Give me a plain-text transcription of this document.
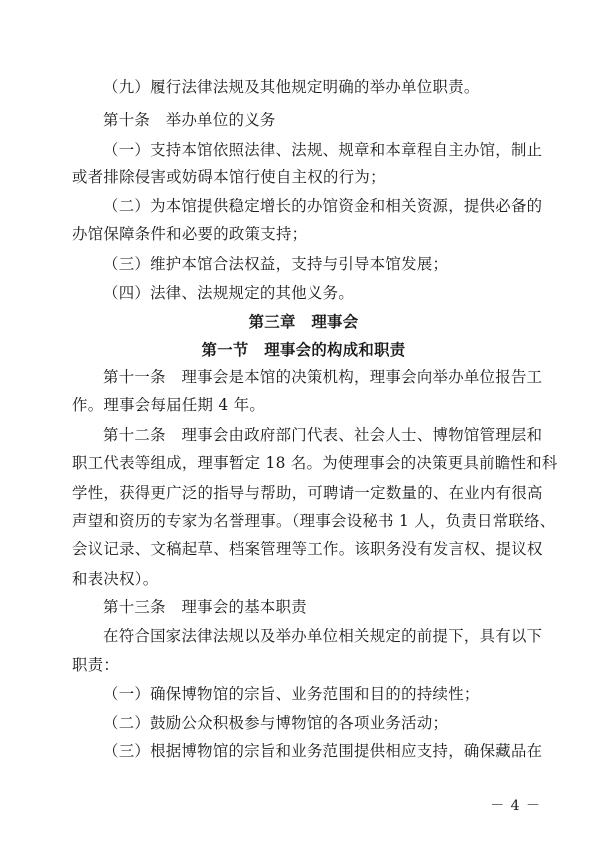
（九）履行法律法规及其他规定明确的举办单位职责。
第十条　举办单位的义务
（一）支持本馆依照法律、法规、规章和本章程自主办馆，制止
或者排除侵害或妨碍本馆行使自主权的行为；
（二）为本馆提供稳定增长的办馆资金和相关资源，提供必备的
办馆保障条件和必要的政策支持；
（三）维护本馆合法权益，支持与引导本馆发展；
（四）法律、法规规定的其他义务。
第三章　理事会
第一节　理事会的构成和职责
第十一条　理事会是本馆的决策机构，理事会向举办单位报告工
作。理事会每届任期 4 年。
第十二条　理事会由政府部门代表、社会人士、博物馆管理层和
职工代表等组成，理事暂定 18 名。为使理事会的决策更具前瞻性和科
学性，获得更广泛的指导与帮助，可聘请一定数量的、在业内有很高
声望和资历的专家为名誉理事。（理事会设秘书 1 人，负责日常联络、
会议记录、文稿起草、档案管理等工作。该职务没有发言权、提议权
和表决权）。
第十三条　理事会的基本职责
在符合国家法律法规以及举办单位相关规定的前提下，具有以下
职责：
（一）确保博物馆的宗旨、业务范围和目的的持续性；
（二）鼓励公众积极参与博物馆的各项业务活动；
（三）根据博物馆的宗旨和业务范围提供相应支持，确保藏品在
－ 4 －
